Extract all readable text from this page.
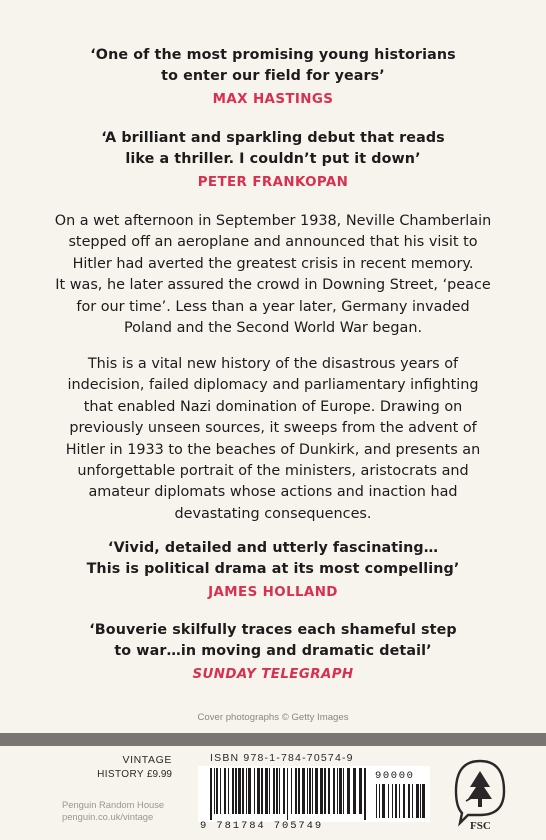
‘One of the most promising young historians
to enter our field for years’
MAX HASTINGS
‘A brilliant and sparkling debut that reads
like a thriller. I couldn’t put it down’
PETER FRANKOPAN
On a wet afternoon in September 1938, Neville Chamberlain
stepped off an aeroplane and announced that his visit to
Hitler had averted the greatest crisis in recent memory.
It was, he later assured the crowd in Downing Street, ‘peace
for our time’. Less than a year later, Germany invaded
Poland and the Second World War began.
This is a vital new history of the disastrous years of
indecision, failed diplomacy and parliamentary infighting
that enabled Nazi domination of Europe. Drawing on
previously unseen sources, it sweeps from the advent of
Hitler in 1933 to the beaches of Dunkirk, and presents an
unforgettable portrait of the ministers, aristocrats and
amateur diplomats whose actions and inaction had
devastating consequences.
‘Vivid, detailed and utterly fascinating…
This is political drama at its most compelling’
JAMES HOLLAND
‘Bouverie skilfully traces each shameful step
to war…in moving and dramatic detail’
SUNDAY TELEGRAPH
Cover photographs © Getty Images
VINTAGE
HISTORY £9.99
Penguin Random House
penguin.co.uk/vintage
ISBN 978-1-784-70574-9
90000
9 781784 705749	FSC
